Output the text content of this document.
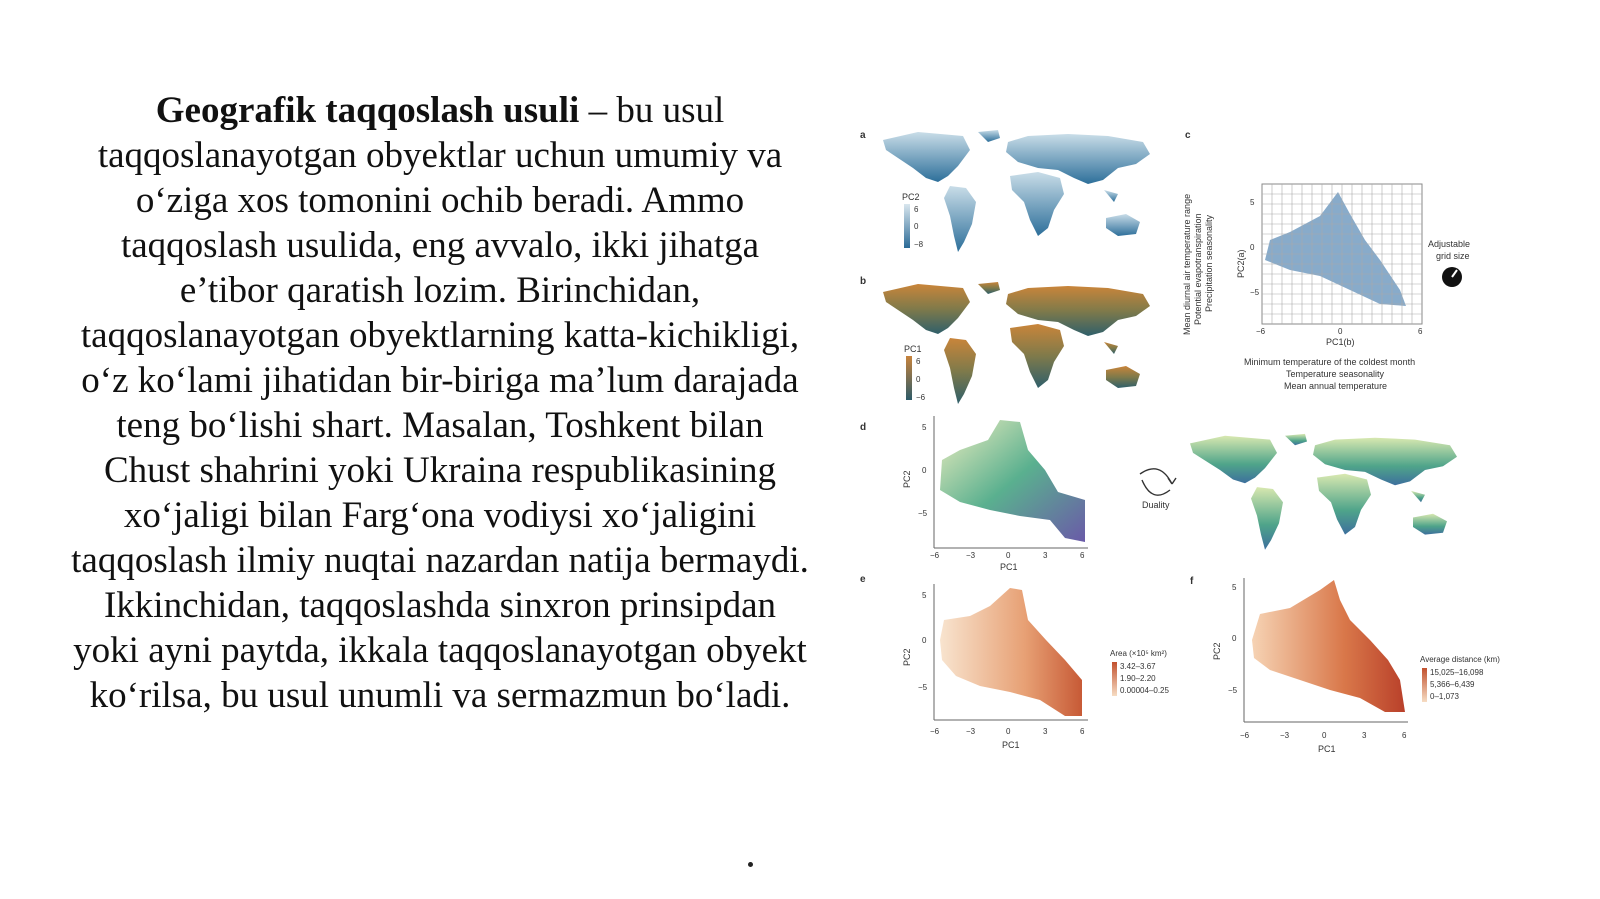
Geografik taqqoslash usuli – bu usul taqqoslanayotgan obyektlar uchun umumiy va o‘ziga xos tomonini ochib beradi. Ammo taqqoslash usulida, eng avvalo, ikki jihatga e’tibor qaratish lozim. Birinchidan, taqqoslanayotgan obyektlarning katta-kichikligi, o‘z ko‘lami jihatidan bir-biriga ma’lum darajada teng bo‘lishi shart. Masalan, Toshkent bilan Chust shahrini yoki Ukraina respublikasining xo‘jaligi bilan Farg‘ona vodiysi xo‘jaligini taqqoslash ilmiy nuqtai nazardan natija bermaydi. Ikkinchidan, taqqoslashda sinxron prinsipdan yoki ayni paytda, ikkala taqqoslanayotgan obyekt ko‘rilsa, bu usul unumli va sermazmun bo‘ladi.
a
PC2
6
0
−8
b
PC1
6
0
−6
c
Mean diurnal air temperature range Potential evapotranspiration Precipitation seasonality PC2(a)
5
0
−5
−6	0	6
PC1(b)
Adjustable
grid size
Minimum temperature of the coldest month
Temperature seasonality
Mean annual temperature
d
PC2
5
0
−5
−6	−3	0	3	6
PC1
Duality
e
PC2
5
0
−5
−6	−3	0	3	6
PC1
Area (×10⁵ km²)
3.42–3.67
1.90–2.20
0.00004–0.25
f
PC2
5
0
−5
−6	−3	0	3	6
PC1
Average distance (km)
15,025–16,098
5,366–6,439
0–1,073
